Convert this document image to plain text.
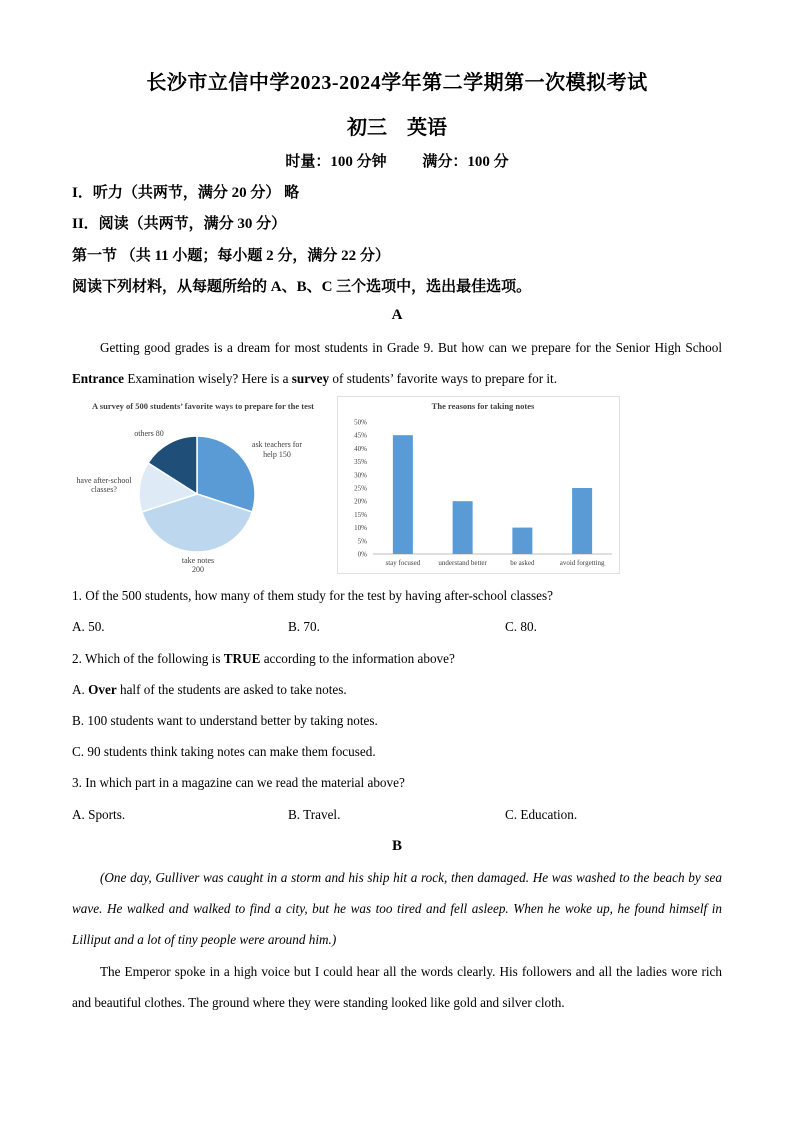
长沙市立信中学2023-2024学年第二学期第一次模拟考试
初三　英语
时量：100 分钟 满分：100 分
I．听力（共两节，满分 20 分） 略
II．阅读（共两节，满分 30 分）
第一节 （共 11 小题；每小题 2 分，满分 22 分）
阅读下列材料，从每题所给的 A、B、C 三个选项中，选出最佳选项。
A
Getting good grades is a dream for most students in Grade 9. But how can we prepare for the Senior High School Entrance Examination wisely? Here is a survey of students’ favorite ways to prepare for it.
A survey of 500 students’ favorite ways to prepare for the test
ask teachers for
help 150
take notes
200
have after-school
classes?
others 80
The reasons for taking notes
0%
5%
10%
15%
20%
25%
30%
35%
40%
45%
50%
stay focused	understand better	be asked	avoid forgetting
1. Of the 500 students, how many of them study for the test by having after-school classes?
A. 50.	B. 70.	C. 80.
2. Which of the following is TRUE according to the information above?
A. Over half of the students are asked to take notes.
B. 100 students want to understand better by taking notes.
C. 90 students think taking notes can make them focused.
3. In which part in a magazine can we read the material above?
A. Sports.	B. Travel.	C. Education.
B
(One day, Gulliver was caught in a storm and his ship hit a rock, then damaged. He was washed to the beach by sea wave. He walked and walked to find a city, but he was too tired and fell asleep. When he woke up, he found himself in Lilliput and a lot of tiny people were around him.)
The Emperor spoke in a high voice but I could hear all the words clearly. His followers and all the ladies wore rich and beautiful clothes. The ground where they were standing looked like gold and silver cloth.
